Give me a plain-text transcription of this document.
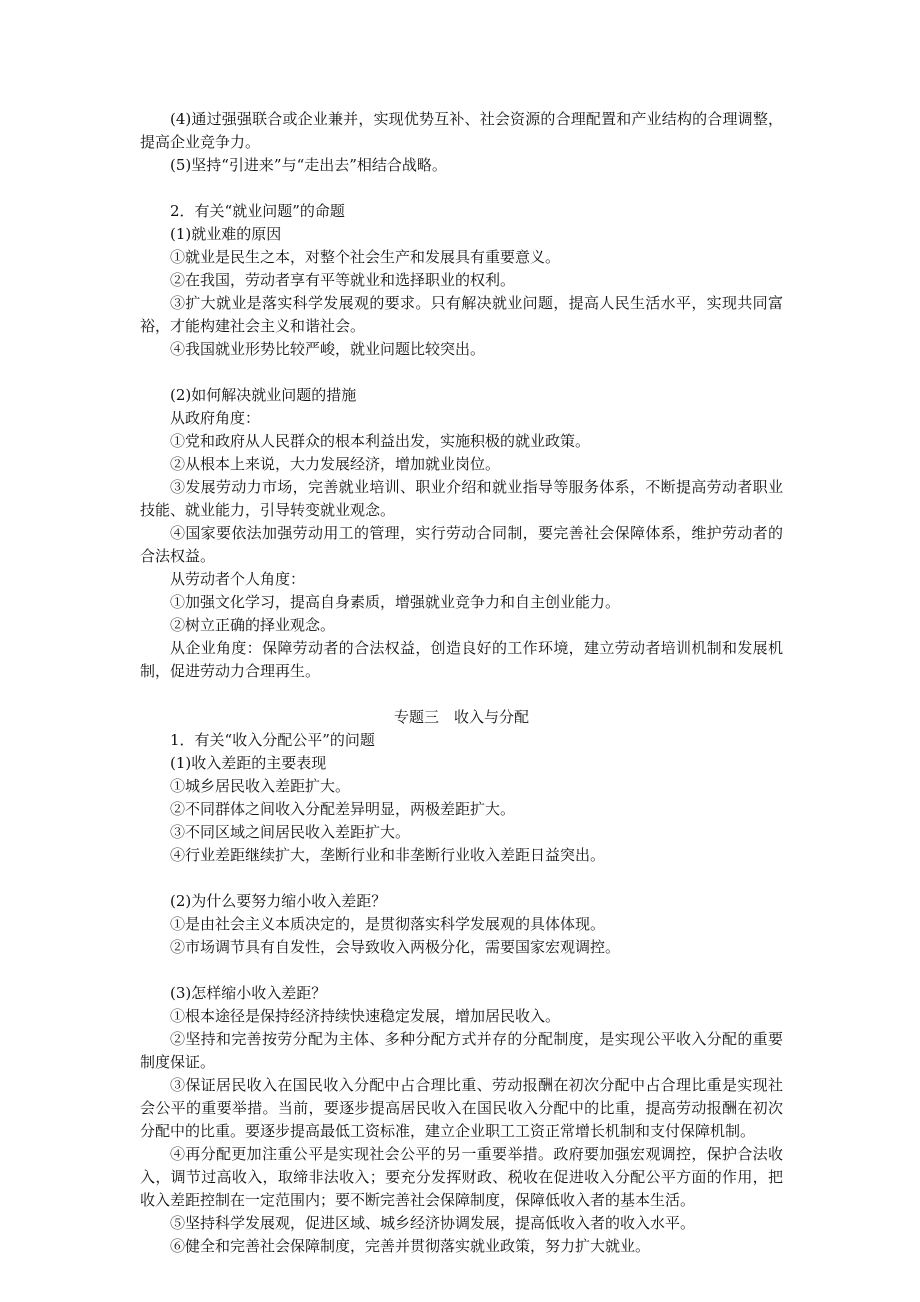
(4)通过强强联合或企业兼并，实现优势互补、社会资源的合理配置和产业结构的合理调整，提高企业竞争力。

(5)坚持“引进来”与“走出去”相结合战略。

2．有关“就业问题”的命题

(1)就业难的原因

①就业是民生之本，对整个社会生产和发展具有重要意义。

②在我国，劳动者享有平等就业和选择职业的权利。

③扩大就业是落实科学发展观的要求。只有解决就业问题，提高人民生活水平，实现共同富裕，才能构建社会主义和谐社会。

④我国就业形势比较严峻，就业问题比较突出。

(2)如何解决就业问题的措施

从政府角度：

①党和政府从人民群众的根本利益出发，实施积极的就业政策。

②从根本上来说，大力发展经济，增加就业岗位。

③发展劳动力市场，完善就业培训、职业介绍和就业指导等服务体系，不断提高劳动者职业技能、就业能力，引导转变就业观念。

④国家要依法加强劳动用工的管理，实行劳动合同制，要完善社会保障体系，维护劳动者的合法权益。

从劳动者个人角度：

①加强文化学习，提高自身素质，增强就业竞争力和自主创业能力。

②树立正确的择业观念。

从企业角度：保障劳动者的合法权益，创造良好的工作环境，建立劳动者培训机制和发展机制，促进劳动力合理再生。

专题三　收入与分配

1．有关“收入分配公平”的问题

(1)收入差距的主要表现

①城乡居民收入差距扩大。

②不同群体之间收入分配差异明显，两极差距扩大。

③不同区域之间居民收入差距扩大。

④行业差距继续扩大，垄断行业和非垄断行业收入差距日益突出。

(2)为什么要努力缩小收入差距？

①是由社会主义本质决定的，是贯彻落实科学发展观的具体体现。

②市场调节具有自发性，会导致收入两极分化，需要国家宏观调控。

(3)怎样缩小收入差距？

①根本途径是保持经济持续快速稳定发展，增加居民收入。

②坚持和完善按劳分配为主体、多种分配方式并存的分配制度，是实现公平收入分配的重要制度保证。

③保证居民收入在国民收入分配中占合理比重、劳动报酬在初次分配中占合理比重是实现社会公平的重要举措。当前，要逐步提高居民收入在国民收入分配中的比重，提高劳动报酬在初次分配中的比重。要逐步提高最低工资标准，建立企业职工工资正常增长机制和支付保障机制。

④再分配更加注重公平是实现社会公平的另一重要举措。政府要加强宏观调控，保护合法收入，调节过高收入，取缔非法收入；要充分发挥财政、税收在促进收入分配公平方面的作用，把收入差距控制在一定范围内；要不断完善社会保障制度，保障低收入者的基本生活。

⑤坚持科学发展观，促进区域、城乡经济协调发展，提高低收入者的收入水平。

⑥健全和完善社会保障制度，完善并贯彻落实就业政策，努力扩大就业。
